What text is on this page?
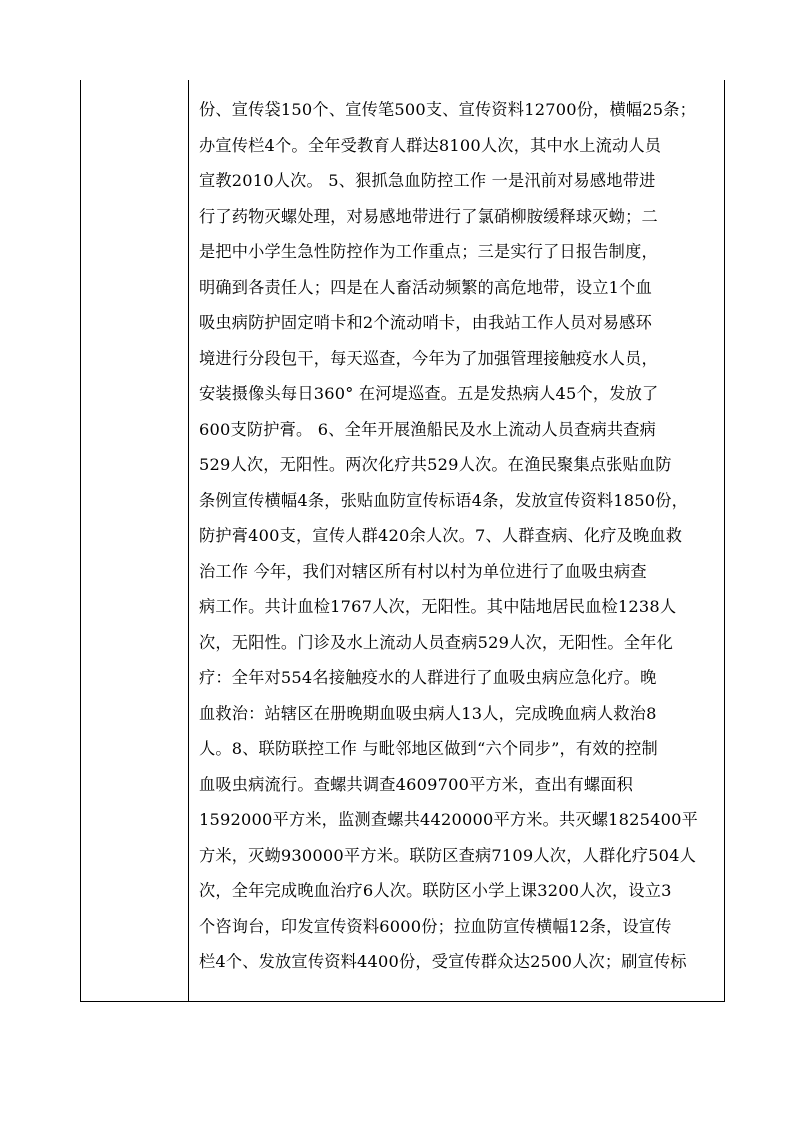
份、宣传袋150个、宣传笔500支、宣传资料12700份，横幅25条；
办宣传栏4个。全年受教育人群达8100人次，其中水上流动人员
宣教2010人次。 5、狠抓急血防控工作 一是汛前对易感地带进
行了药物灭螺处理，对易感地带进行了氯硝柳胺缓释球灭蚴；二
是把中小学生急性防控作为工作重点；三是实行了日报告制度，
明确到各责任人；四是在人畜活动频繁的高危地带，设立1个血
吸虫病防护固定哨卡和2个流动哨卡，由我站工作人员对易感环
境进行分段包干，每天巡查，今年为了加强管理接触疫水人员，
安装摄像头每日360° 在河堤巡查。五是发热病人45个，发放了
600支防护膏。 6、全年开展渔船民及水上流动人员查病共查病
529人次，无阳性。两次化疗共529人次。在渔民聚集点张贴血防
条例宣传横幅4条，张贴血防宣传标语4条，发放宣传资料1850份，
防护膏400支，宣传人群420余人次。7、人群查病、化疗及晚血救
治工作 今年，我们对辖区所有村以村为单位进行了血吸虫病查
病工作。共计血检1767人次，无阳性。其中陆地居民血检1238人
次，无阳性。门诊及水上流动人员查病529人次，无阳性。全年化
疗：全年对554名接触疫水的人群进行了血吸虫病应急化疗。晚
血救治：站辖区在册晚期血吸虫病人13人，完成晚血病人救治8
人。8、联防联控工作 与毗邻地区做到“六个同步”，有效的控制
血吸虫病流行。查螺共调查4609700平方米，查出有螺面积
1592000平方米，监测查螺共4420000平方米。共灭螺1825400平
方米，灭蚴930000平方米。联防区查病7109人次，人群化疗504人
次，全年完成晚血治疗6人次。联防区小学上课3200人次，设立3
个咨询台，印发宣传资料6000份；拉血防宣传横幅12条，设宣传
栏4个、发放宣传资料4400份，受宣传群众达2500人次；刷宣传标
